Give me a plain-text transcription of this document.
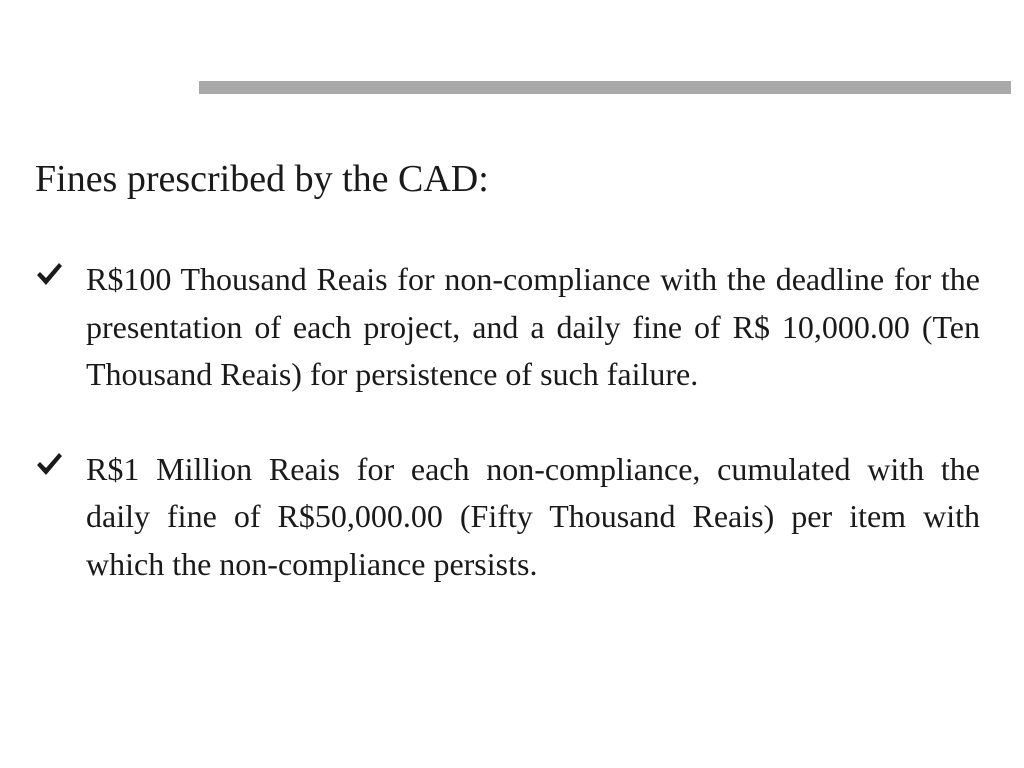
Fines prescribed by the CAD:
R$100 Thousand Reais for non-compliance with the deadline for the presentation of each project, and a daily fine of R$ 10,000.00 (Ten Thousand Reais) for persistence of such failure.
R$1 Million Reais for each non-compliance, cumulated with the daily fine of R$50,000.00 (Fifty Thousand Reais) per item with which the non-compliance persists.
